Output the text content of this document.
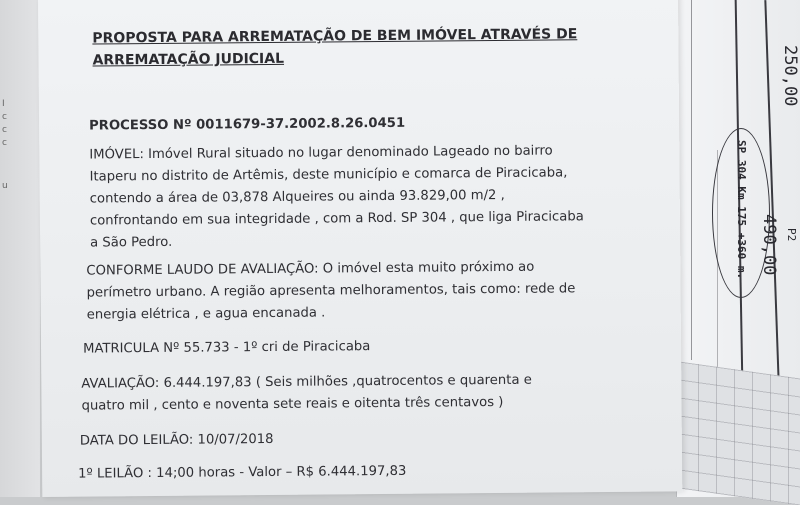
I
c
c
c
u
250,00
490,00
SP 304 Km 175 +360 m.	P2
PROPOSTA PARA ARREMATAÇÃO DE BEM IMÓVEL ATRAVÉS DE
ARREMATAÇÃO JUDICIAL
PROCESSO Nº 0011679-37.2002.8.26.0451
IMÓVEL: Imóvel Rural situado no lugar denominado Lageado no bairro
Itaperu no distrito de Artêmis, deste município e comarca de Piracicaba,
contendo a área de 03,878 Alqueires ou ainda 93.829,00 m/2 ,
confrontando em sua integridade , com a Rod. SP 304 , que liga Piracicaba
a São Pedro.
CONFORME LAUDO DE AVALIAÇÃO: O imóvel esta muito próximo ao
perímetro urbano. A região apresenta melhoramentos, tais como: rede de
energia elétrica , e agua encanada .
MATRICULA Nº 55.733 - 1º cri de Piracicaba
AVALIAÇÃO: 6.444.197,83 ( Seis milhões ,quatrocentos e quarenta e
quatro mil , cento e noventa sete reais e oitenta três centavos )
DATA DO LEILÃO: 10/07/2018
1º LEILÃO : 14;00 horas - Valor – R$ 6.444.197,83
